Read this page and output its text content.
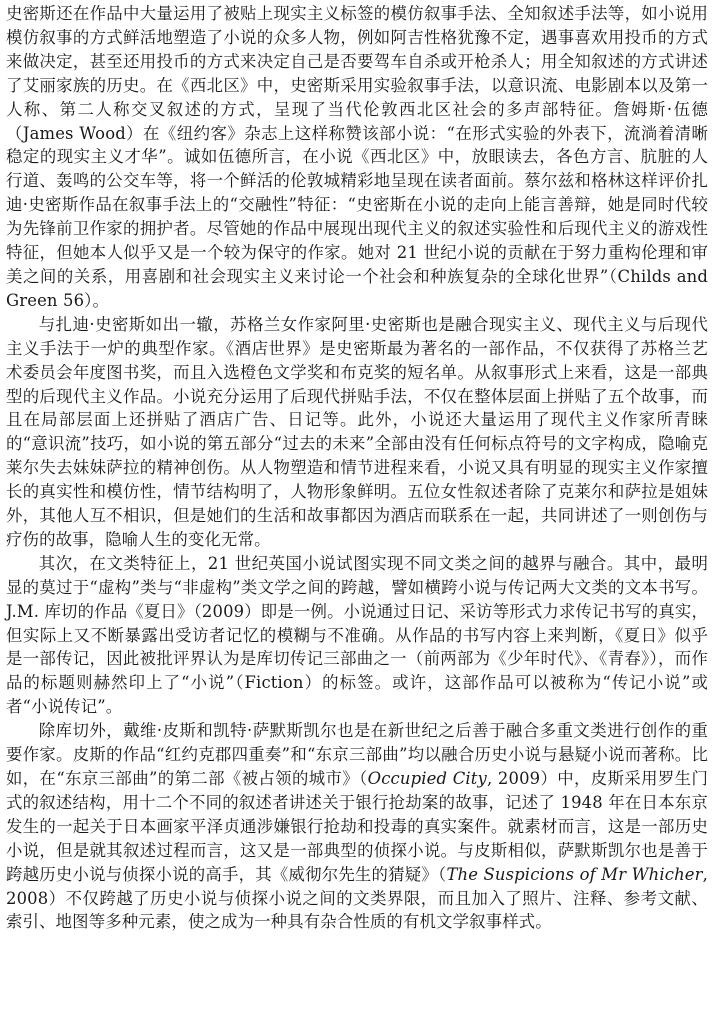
史密斯还在作品中大量运用了被贴上现实主义标签的模仿叙事手法、全知叙述手法等，如小说用模仿叙事的方式鲜活地塑造了小说的众多人物，例如阿吉性格犹豫不定，遇事喜欢用投币的方式来做决定，甚至还用投币的方式来决定自己是否要驾车自杀或开枪杀人；用全知叙述的方式讲述了艾丽家族的历史。在《西北区》中，史密斯采用实验叙事手法，以意识流、电影剧本以及第一人称、第二人称交叉叙述的方式，呈现了当代伦敦西北区社会的多声部特征。詹姆斯·伍德（James Wood）在《纽约客》杂志上这样称赞该部小说：“在形式实验的外表下，流淌着清晰稳定的现实主义才华”。诚如伍德所言，在小说《西北区》中，放眼读去，各色方言、肮脏的人行道、轰鸣的公交车等，将一个鲜活的伦敦城精彩地呈现在读者面前。蔡尔兹和格林这样评价扎迪·史密斯作品在叙事手法上的“交融性”特征：“史密斯在小说的走向上能言善辩，她是同时代较为先锋前卫作家的拥护者。尽管她的作品中展现出现代主义的叙述实验性和后现代主义的游戏性特征，但她本人似乎又是一个较为保守的作家。她对 21 世纪小说的贡献在于努力重构伦理和审美之间的关系，用喜剧和社会现实主义来讨论一个社会和种族复杂的全球化世界”（Childs and Green 56）。

与扎迪·史密斯如出一辙，苏格兰女作家阿里·史密斯也是融合现实主义、现代主义与后现代主义手法于一炉的典型作家。《酒店世界》是史密斯最为著名的一部作品，不仅获得了苏格兰艺术委员会年度图书奖，而且入选橙色文学奖和布克奖的短名单。从叙事形式上来看，这是一部典型的后现代主义作品。小说充分运用了后现代拼贴手法，不仅在整体层面上拼贴了五个故事，而且在局部层面上还拼贴了酒店广告、日记等。此外，小说还大量运用了现代主义作家所青睐的“意识流”技巧，如小说的第五部分“过去的未来”全部由没有任何标点符号的文字构成，隐喻克莱尔失去妹妹萨拉的精神创伤。从人物塑造和情节进程来看，小说又具有明显的现实主义作家擅长的真实性和模仿性，情节结构明了，人物形象鲜明。五位女性叙述者除了克莱尔和萨拉是姐妹外，其他人互不相识，但是她们的生活和故事都因为酒店而联系在一起，共同讲述了一则创伤与疗伤的故事，隐喻人生的变化无常。

其次，在文类特征上，21 世纪英国小说试图实现不同文类之间的越界与融合。其中，最明显的莫过于“虚构”类与“非虚构”类文学之间的跨越，譬如横跨小说与传记两大文类的文本书写。J.M. 库切的作品《夏日》（2009）即是一例。小说通过日记、采访等形式力求传记书写的真实，但实际上又不断暴露出受访者记忆的模糊与不准确。从作品的书写内容上来判断，《夏日》似乎是一部传记，因此被批评界认为是库切传记三部曲之一（前两部为《少年时代》、《青春》），而作品的标题则赫然印上了“小说”（Fiction）的标签。或许，这部作品可以被称为“传记小说”或者“小说传记”。

除库切外，戴维·皮斯和凯特·萨默斯凯尔也是在新世纪之后善于融合多重文类进行创作的重要作家。皮斯的作品“红约克郡四重奏”和“东京三部曲”均以融合历史小说与悬疑小说而著称。比如，在“东京三部曲”的第二部《被占领的城市》（Occupied City, 2009）中，皮斯采用罗生门式的叙述结构，用十二个不同的叙述者讲述关于银行抢劫案的故事，记述了 1948 年在日本东京发生的一起关于日本画家平泽贞通涉嫌银行抢劫和投毒的真实案件。就素材而言，这是一部历史小说，但是就其叙述过程而言，这又是一部典型的侦探小说。与皮斯相似，萨默斯凯尔也是善于跨越历史小说与侦探小说的高手，其《威彻尔先生的猜疑》（The Suspicions of Mr Whicher, 2008）不仅跨越了历史小说与侦探小说之间的文类界限，而且加入了照片、注释、参考文献、索引、地图等多种元素，使之成为一种具有杂合性质的有机文学叙事样式。
